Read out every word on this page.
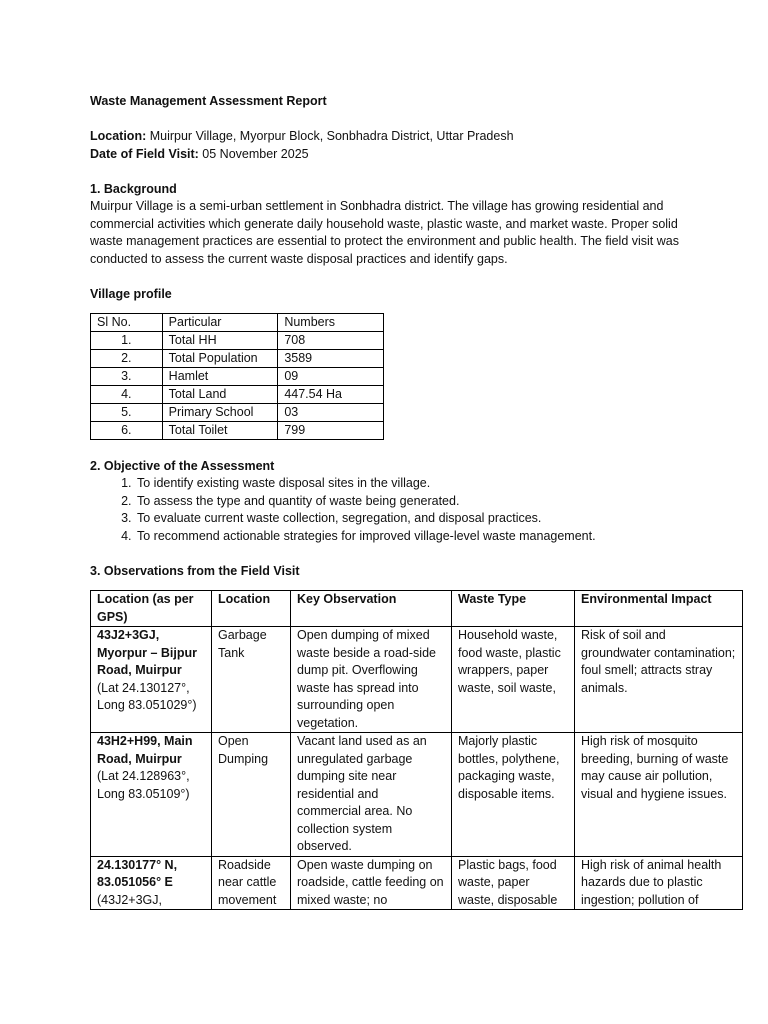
Waste Management Assessment Report

Location: Muirpur Village, Myorpur Block, Sonbhadra District, Uttar Pradesh

Date of Field Visit: 05 November 2025

1. Background

Muirpur Village is a semi-urban settlement in Sonbhadra district. The village has growing residential and commercial activities which generate daily household waste, plastic waste, and market waste. Proper solid waste management practices are essential to protect the environment and public health. The field visit was conducted to assess the current waste disposal practices and identify gaps.

Village profile

Sl No.	Particular	Numbers
1.	Total HH	708
2.	Total Population	3589
3.	Hamlet	09
4.	Total Land	447.54 Ha
5.	Primary School	03
6.	Total Toilet	799

2. Objective of the Assessment

1. To identify existing waste disposal sites in the village.
2. To assess the type and quantity of waste being generated.
3. To evaluate current waste collection, segregation, and disposal practices.
4. To recommend actionable strategies for improved village-level waste management.

3. Observations from the Field Visit

Location (as per GPS)	Location	Key Observation	Waste Type	Environmental Impact
43J2+3GJ, Myorpur – Bijpur Road, Muirpur (Lat 24.130127°, Long 83.051029°)	Garbage Tank	Open dumping of mixed waste beside a road-side dump pit. Overflowing waste has spread into surrounding open vegetation.	Household waste, food waste, plastic wrappers, paper waste, soil waste,	Risk of soil and groundwater contamination; foul smell; attracts stray animals.
43H2+H99, Main Road, Muirpur (Lat 24.128963°, Long 83.05109°)	Open Dumping	Vacant land used as an unregulated garbage dumping site near residential and commercial area. No collection system observed.	Majorly plastic bottles, polythene, packaging waste, disposable items.	High risk of mosquito breeding, burning of waste may cause air pollution, visual and hygiene issues.
24.130177° N, 83.051056° E (43J2+3GJ,	Roadside near cattle movement	Open waste dumping on roadside, cattle feeding on mixed waste; no	Plastic bags, food waste, paper waste, disposable	High risk of animal health hazards due to plastic ingestion; pollution of
